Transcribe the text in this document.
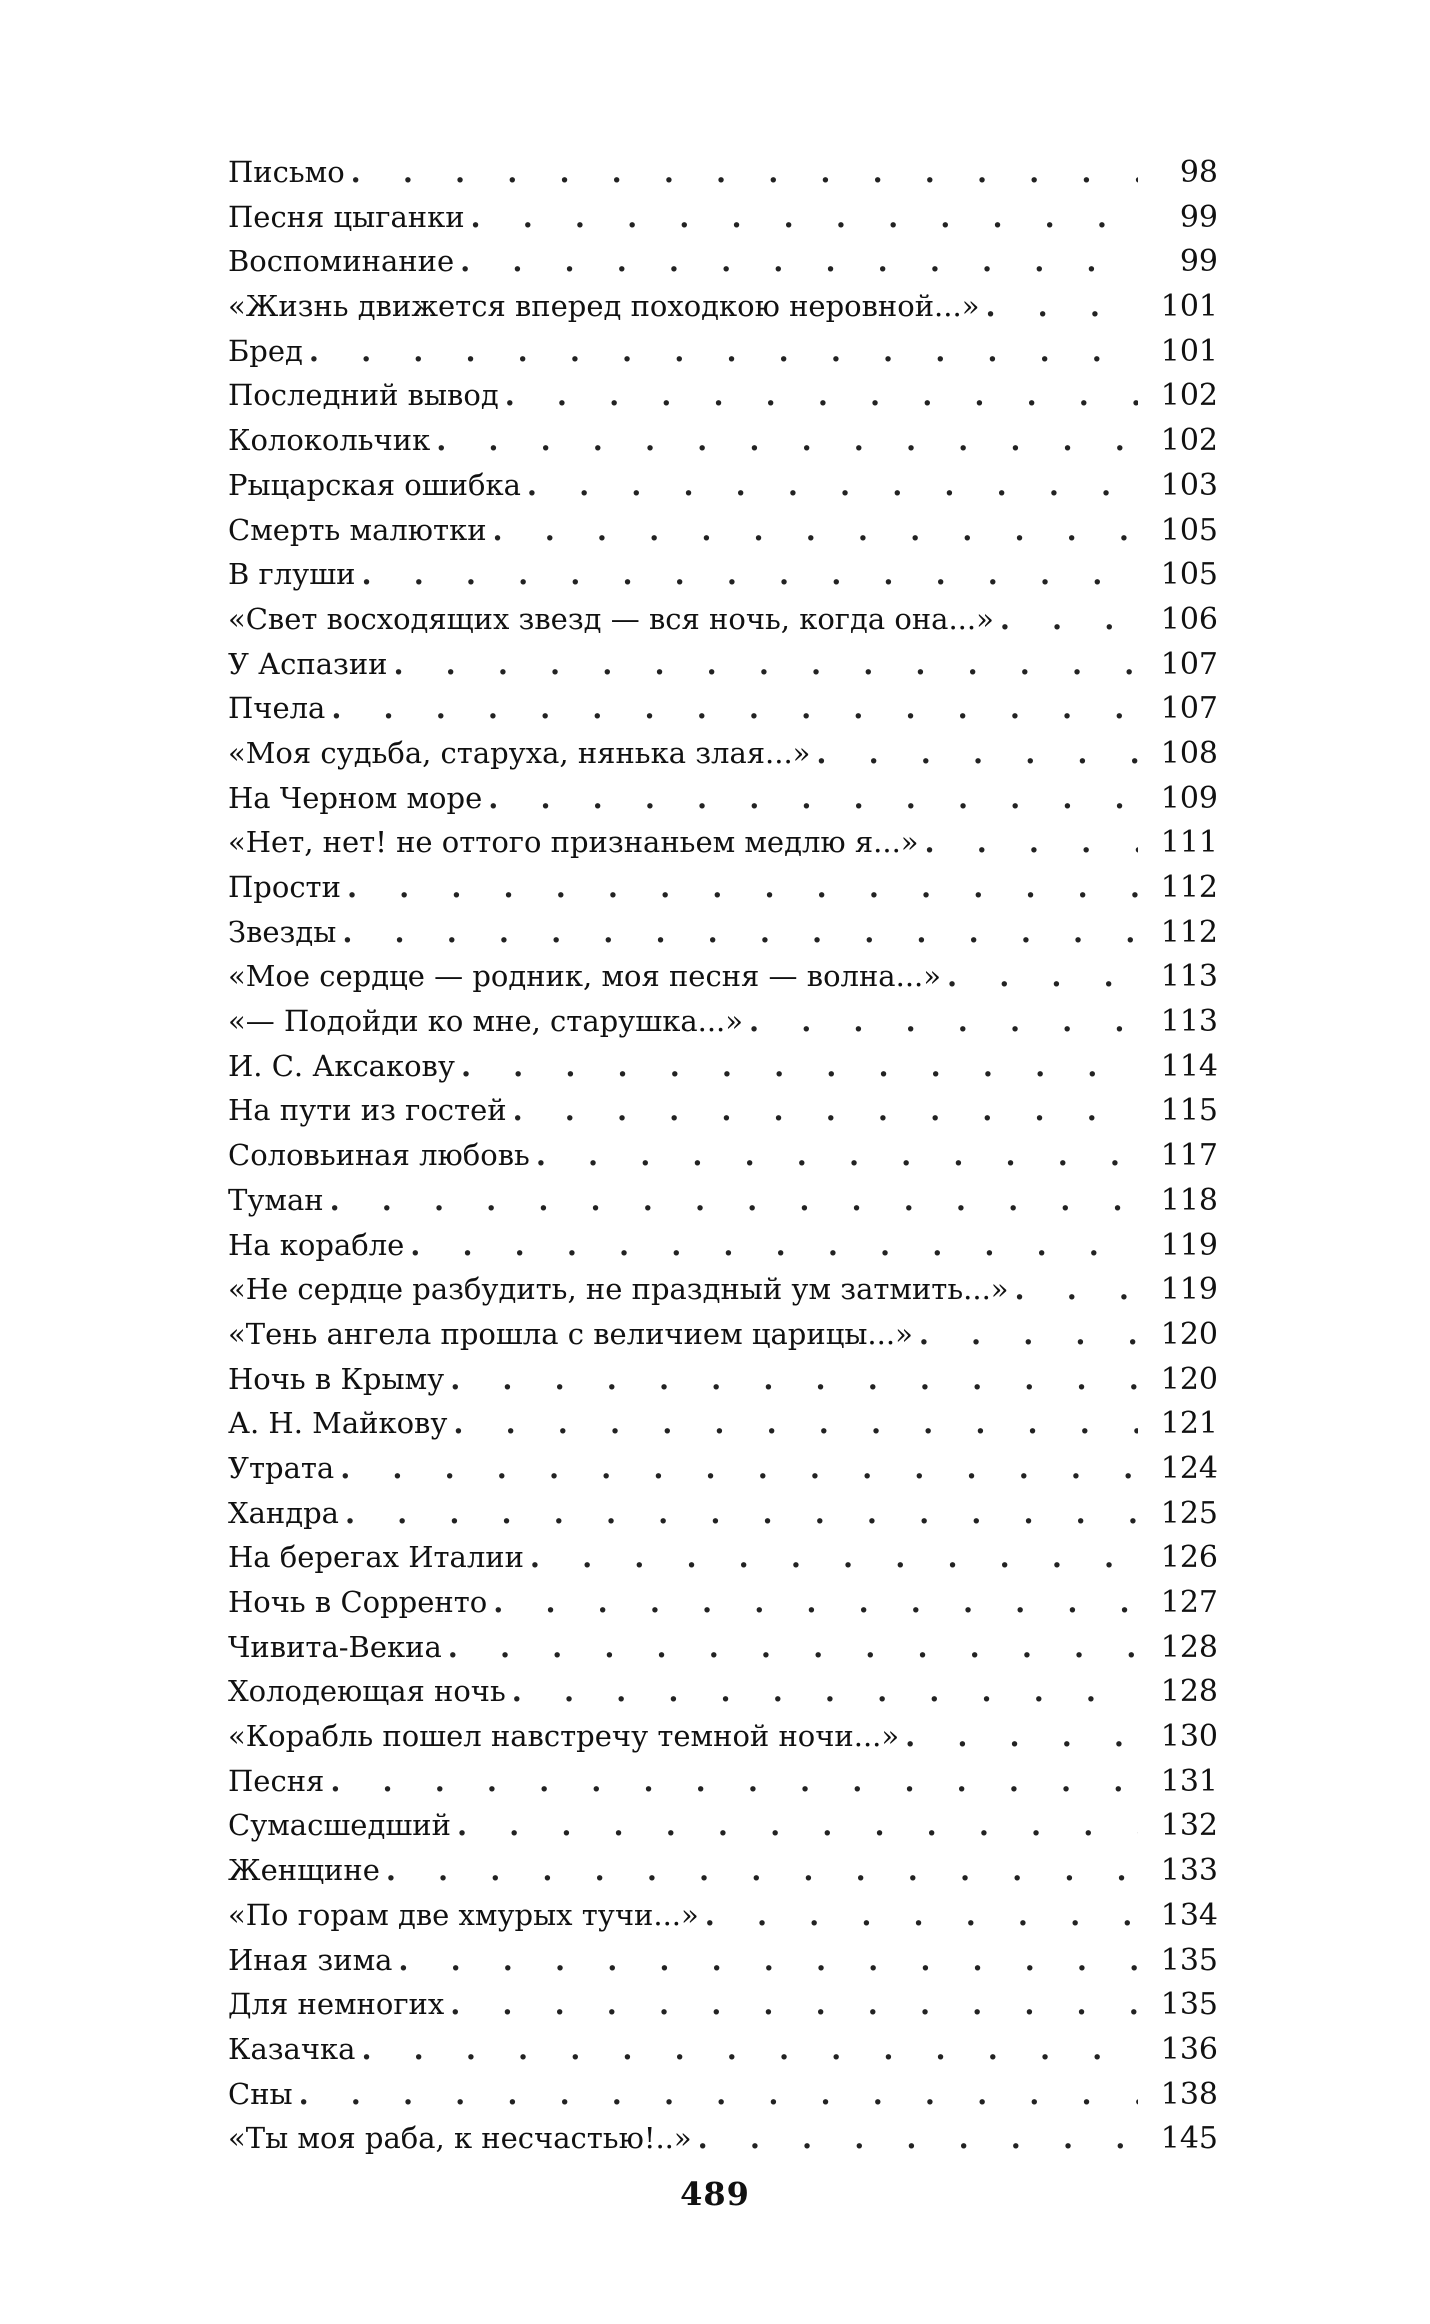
Письмо . . .	98
Песня цыганки . . .	99
Воспоминание . . .	99
«Жизнь движется вперед походкою неровной...» . . .	101
Бред . . .	101
Последний вывод . . .	102
Колокольчик . . .	102
Рыцарская ошибка . . .	103
Смерть малютки . . .	105
В глуши . . .	105
«Свет восходящих звезд — вся ночь, когда она...» . . .	106
У Аспазии . . .	107
Пчела . . .	107
«Моя судьба, старуха, нянька злая...» . . .	108
На Черном море . . .	109
«Нет, нет! не оттого признаньем медлю я...» . . .	111
Прости . . .	112
Звезды . . .	112
«Мое сердце — родник, моя песня — волна...» . . .	113
«— Подойди ко мне, старушка...» . . .	113
И. С. Аксакову . . .	114
На пути из гостей . . .	115
Соловьиная любовь . . .	117
Туман . . .	118
На корабле . . .	119
«Не сердце разбудить, не праздный ум затмить...» . . .	119
«Тень ангела прошла с величием царицы...» . . .	120
Ночь в Крыму . . .	120
А. Н. Майкову . . .	121
Утрата . . .	124
Хандра . . .	125
На берегах Италии . . .	126
Ночь в Сорренто . . .	127
Чивита-Векиа . . .	128
Холодеющая ночь . . .	128
«Корабль пошел навстречу темной ночи...» . . .	130
Песня . . .	131
Сумасшедший . . .	132
Женщине . . .	133
«По горам две хмурых тучи...» . . .	134
Иная зима . . .	135
Для немногих . . .	135
Казачка . . .	136
Сны . . .	138
«Ты моя раба, к несчастью!..» . . .	145
489
